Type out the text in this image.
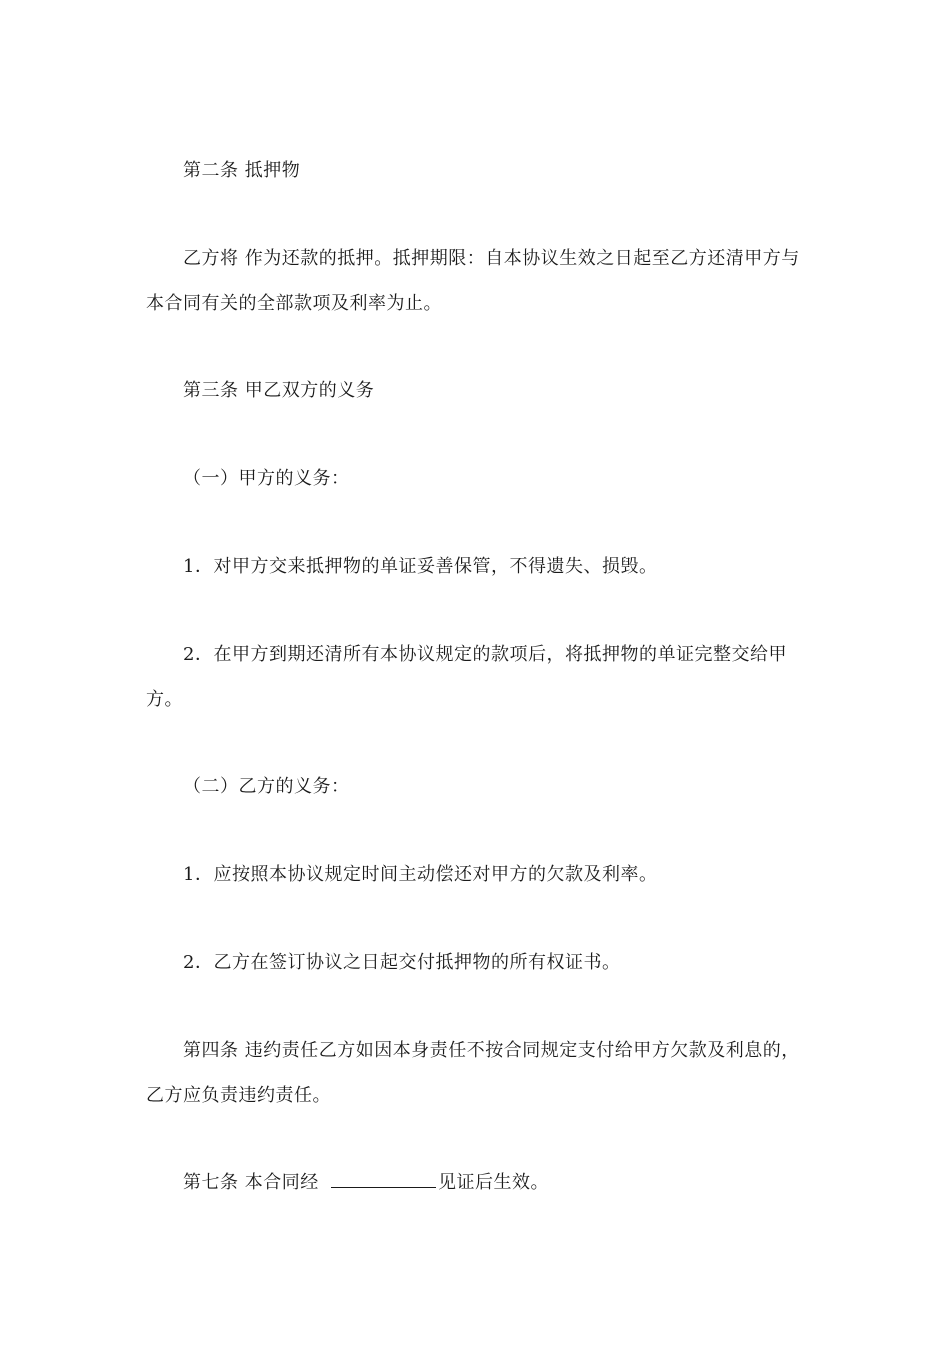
第二条 抵押物

乙方将 作为还款的抵押。抵押期限：自本协议生效之日起至乙方还清甲方与本合同有关的全部款项及利率为止。

第三条 甲乙双方的义务

（一）甲方的义务：

1．对甲方交来抵押物的单证妥善保管，不得遗失、损毁。

2．在甲方到期还清所有本协议规定的款项后，将抵押物的单证完整交给甲方。

（二）乙方的义务：

1．应按照本协议规定时间主动偿还对甲方的欠款及利率。

2．乙方在签订协议之日起交付抵押物的所有权证书。

第四条 违约责任乙方如因本身责任不按合同规定支付给甲方欠款及利息的，乙方应负责违约责任。

第七条 本合同经	见证后生效。
